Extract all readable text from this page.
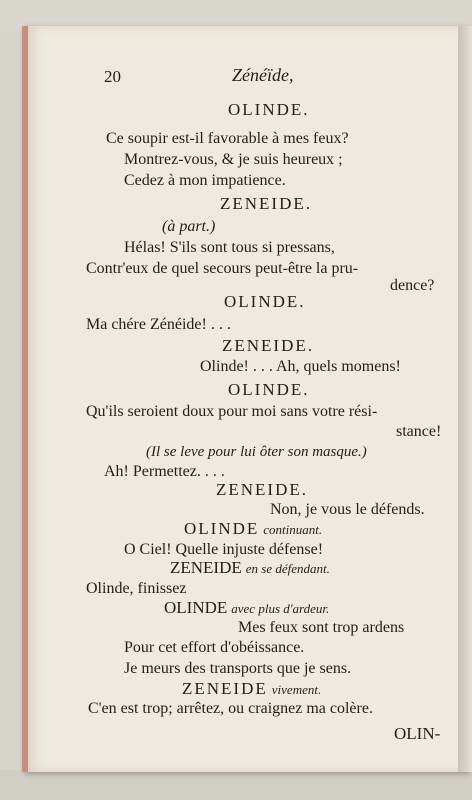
20	Zénéïde,
OLINDE.
Ce soupir est-il favorable à mes feux?
Montrez-vous, & je suis heureux ;
Cedez à mon impatience.
ZENEIDE.
(à part.)
Hélas! S'ils sont tous si pressans,
Contr'eux de quel secours peut-être la pru-
dence?
OLINDE.
Ma chére Zénéide! . . .
ZENEIDE.
Olinde! . . . Ah, quels momens!
OLINDE.
Qu'ils seroient doux pour moi sans votre rési-
stance!
(Il se leve pour lui ôter son masque.)
Ah! Permettez. . . .
ZENEIDE.
Non, je vous le défends.
OLINDE continuant.
O Ciel! Quelle injuste défense!
ZENEIDE en se défendant.
Olinde, finissez
OLINDE avec plus d'ardeur.
Mes feux sont trop ardens
Pour cet effort d'obéissance.
Je meurs des transports que je sens.
ZENEIDE vivement.
C'en est trop; arrêtez, ou craignez ma colère.
OLIN-
